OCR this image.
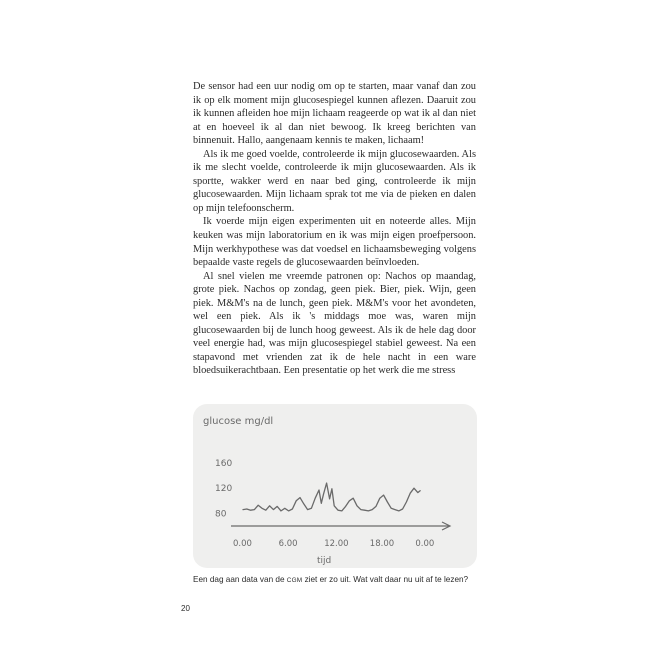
De sensor had een uur nodig om op te starten, maar vanaf dan zou ik op elk moment mijn glucosespiegel kunnen aflezen. Daaruit zou ik kunnen afleiden hoe mijn lichaam reageerde op wat ik al dan niet at en hoeveel ik al dan niet bewoog. Ik kreeg berichten van binnenuit. Hallo, aangenaam kennis te maken, lichaam!

Als ik me goed voelde, controleerde ik mijn glucosewaarden. Als ik me slecht voelde, controleerde ik mijn glucosewaarden. Als ik sportte, wakker werd en naar bed ging, controleerde ik mijn glucosewaarden. Mijn lichaam sprak tot me via de pieken en dalen op mijn telefoonscherm.

Ik voerde mijn eigen experimenten uit en noteerde alles. Mijn keuken was mijn laboratorium en ik was mijn eigen proefpersoon. Mijn werkhypothese was dat voedsel en lichaamsbeweging volgens bepaalde vaste regels de glucosewaarden beïnvloeden.

Al snel vielen me vreemde patronen op: Nachos op maandag, grote piek. Nachos op zondag, geen piek. Bier, piek. Wijn, geen piek. M&M's na de lunch, geen piek. M&M's voor het avondeten, wel een piek. Als ik 's middags moe was, waren mijn glucosewaarden bij de lunch hoog geweest. Als ik de hele dag door veel energie had, was mijn glucosespiegel stabiel geweest. Na een stapavond met vrienden zat ik de hele nacht in een ware bloedsuikerachtbaan. Een presentatie op het werk die me stress

glucose mg/dl
160
120
80
0.00	6.00	12.00	18.00	0.00
tijd
Een dag aan data van de CGM ziet er zo uit. Wat valt daar nu uit af te lezen?
20
